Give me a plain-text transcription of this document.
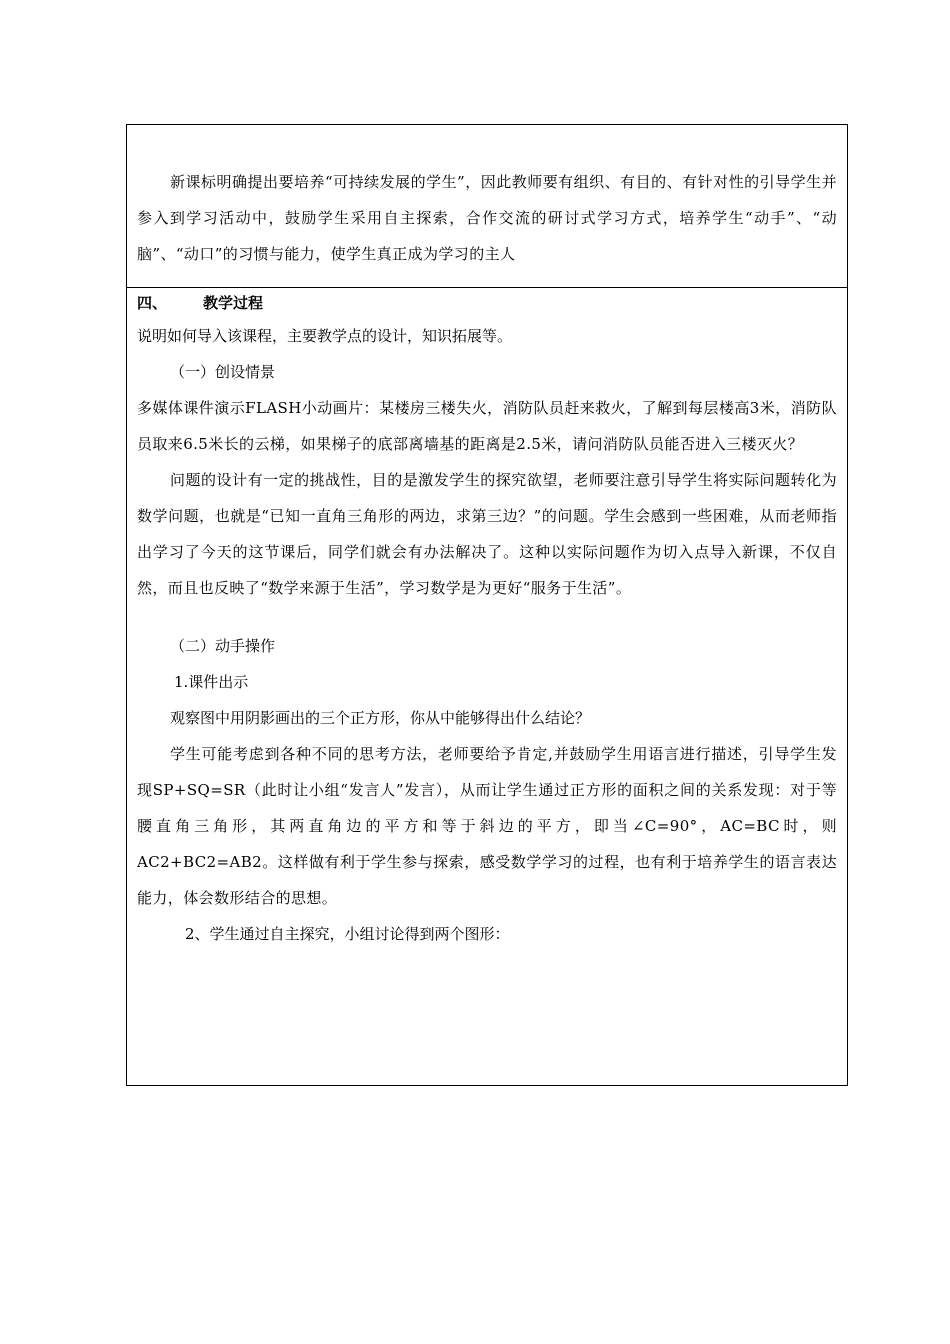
新课标明确提出要培养“可持续发展的学生”，因此教师要有组织、有目的、有针对性的引导学生并参入到学习活动中，鼓励学生采用自主探索，合作交流的研讨式学习方式，培养学生“动手”、“动脑”、“动口”的习惯与能力，使学生真正成为学习的主人

四、 教学过程

说明如何导入该课程，主要教学点的设计，知识拓展等。

（一）创设情景

多媒体课件演示FLASH小动画片：某楼房三楼失火，消防队员赶来救火，了解到每层楼高3米，消防队员取来6.5米长的云梯，如果梯子的底部离墙基的距离是2.5米，请问消防队员能否进入三楼灭火？

问题的设计有一定的挑战性，目的是激发学生的探究欲望，老师要注意引导学生将实际问题转化为数学问题，也就是“已知一直角三角形的两边，求第三边？”的问题。学生会感到一些困难，从而老师指出学习了今天的这节课后，同学们就会有办法解决了。这种以实际问题作为切入点导入新课，不仅自然，而且也反映了“数学来源于生活”，学习数学是为更好“服务于生活”。

（二）动手操作

1.课件出示

观察图中用阴影画出的三个正方形，你从中能够得出什么结论？

学生可能考虑到各种不同的思考方法，老师要给予肯定,并鼓励学生用语言进行描述，引导学生发现SP+SQ=SR（此时让小组“发言人”发言），从而让学生通过正方形的面积之间的关系发现：对于等腰直角三角形，其两直角边的平方和等于斜边的平方，即当∠C=90°，AC=BC时，则AC2+BC2=AB2。这样做有利于学生参与探索，感受数学学习的过程，也有利于培养学生的语言表达能力，体会数形结合的思想。

2、学生通过自主探究，小组讨论得到两个图形：
